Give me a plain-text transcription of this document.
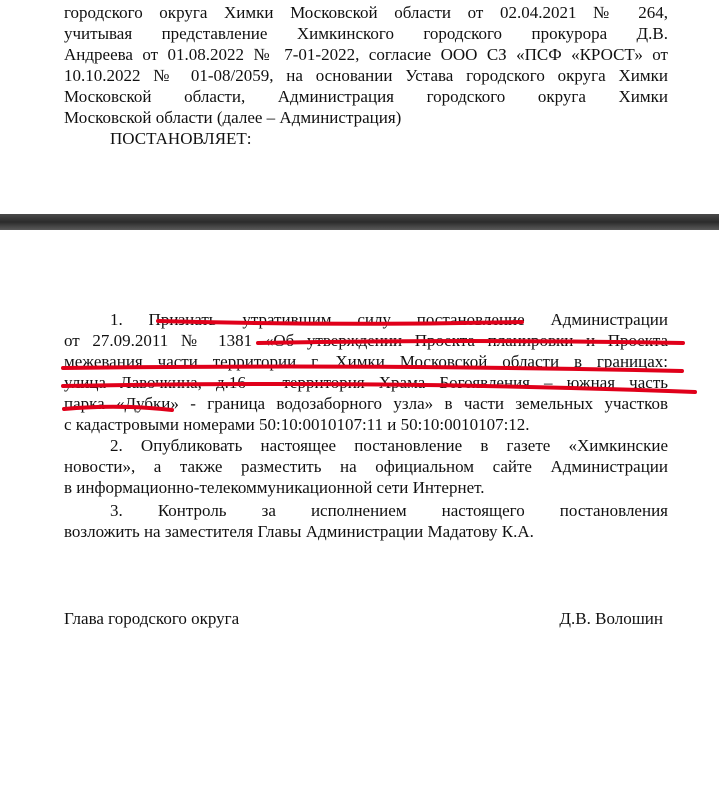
городского округа Химки Московской области от 02.04.2021 № 264,
учитывая представление Химкинского городского прокурора Д.В.
Андреева от 01.08.2022 № 7-01-2022, согласие ООО СЗ «ПСФ «КРОСТ» от
10.10.2022 № 01-08/2059, на основании Устава городского округа Химки
Московской области, Администрация городского округа Химки
Московской области (далее – Администрация)
ПОСТАНОВЛЯЕТ:
1. Признать утратившим силу постановление Администрации
от 27.09.2011 № 1381 «Об утверждении Проекта планировки и Проекта
межевания части территории г. Химки Московской области в границах:
улица Лавочкина, д.16 – территория Храма Богоявления – южная часть
парка «Дубки» - граница водозаборного узла» в части земельных участков
с кадастровыми номерами 50:10:0010107:11 и 50:10:0010107:12.
2. Опубликовать настоящее постановление в газете «Химкинские
новости», а также разместить на официальном сайте Администрации
в информационно-телекоммуникационной сети Интернет.
3. Контроль за исполнением настоящего постановления
возложить на заместителя Главы Администрации Мадатову К.А.
Глава городского округа	Д.В. Волошин
